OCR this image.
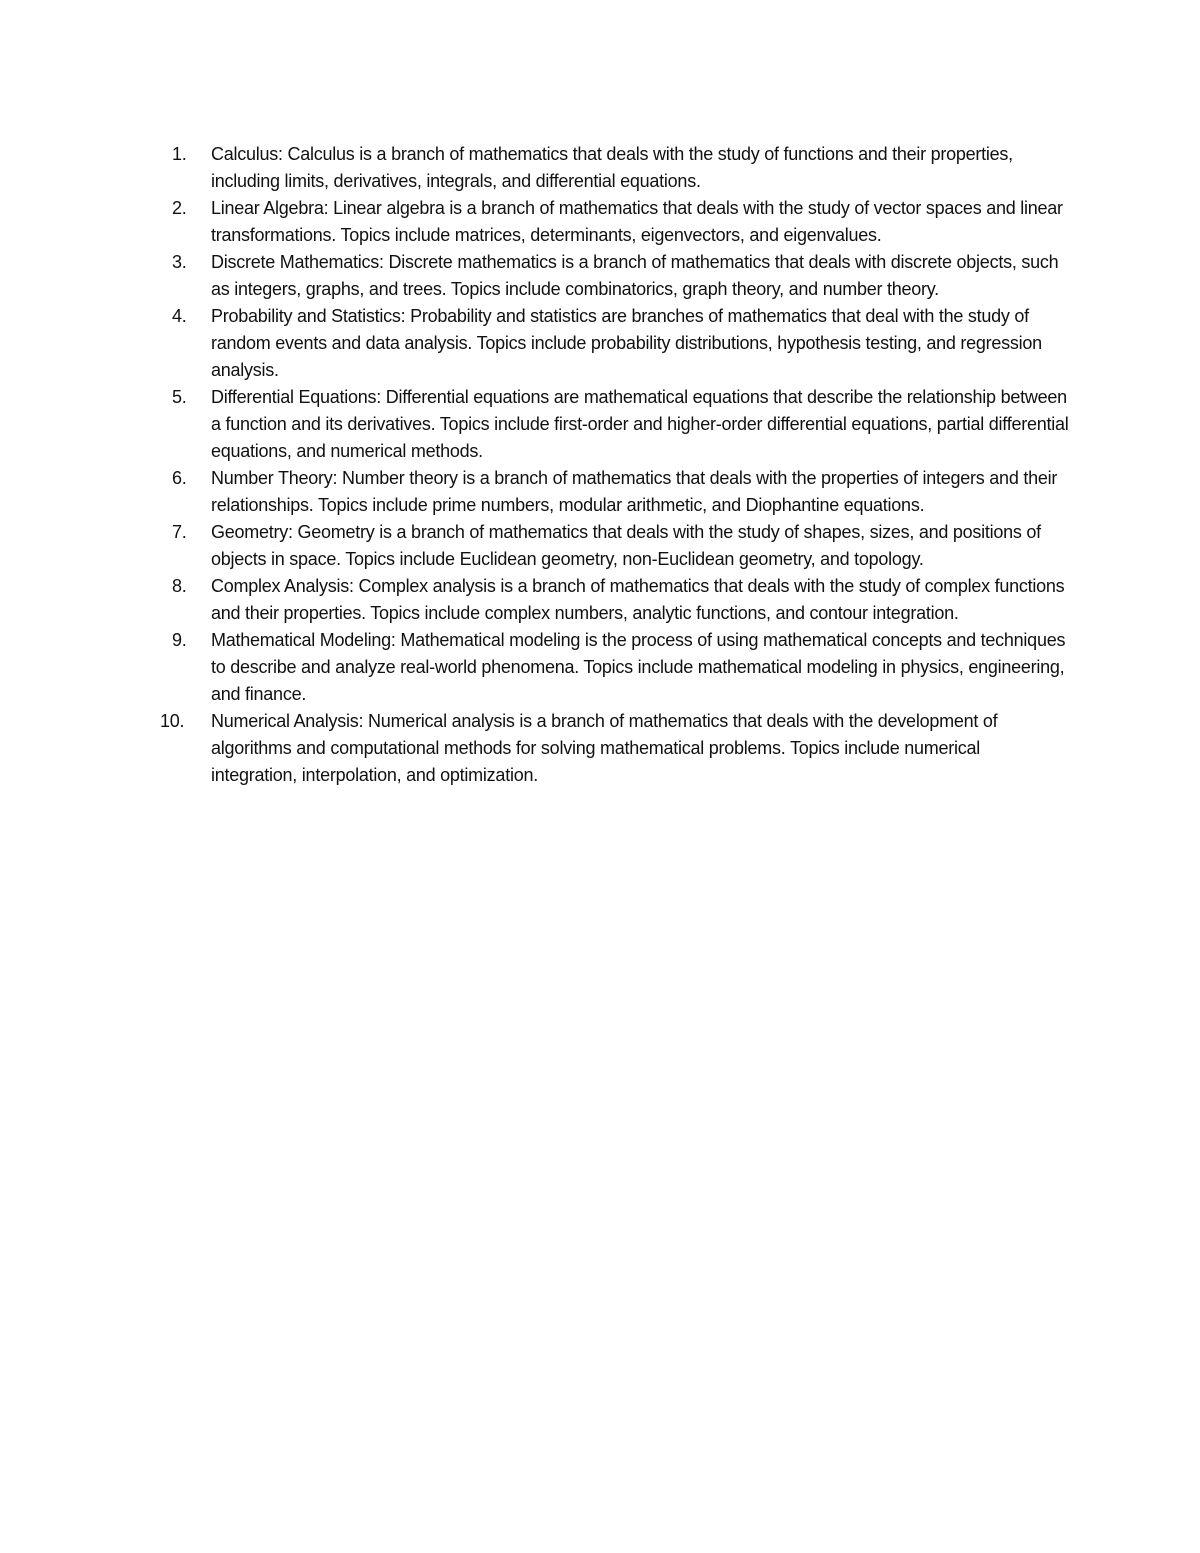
1.	Calculus: Calculus is a branch of mathematics that deals with the study of functions and their properties, including limits, derivatives, integrals, and differential equations.
2.	Linear Algebra: Linear algebra is a branch of mathematics that deals with the study of vector spaces and linear transformations. Topics include matrices, determinants, eigenvectors, and eigenvalues.
3.	Discrete Mathematics: Discrete mathematics is a branch of mathematics that deals with discrete objects, such as integers, graphs, and trees. Topics include combinatorics, graph theory, and number theory.
4.	Probability and Statistics: Probability and statistics are branches of mathematics that deal with the study of random events and data analysis. Topics include probability distributions, hypothesis testing, and regression analysis.
5.	Differential Equations: Differential equations are mathematical equations that describe the relationship between a function and its derivatives. Topics include first-order and higher-order differential equations, partial differential equations, and numerical methods.
6.	Number Theory: Number theory is a branch of mathematics that deals with the properties of integers and their relationships. Topics include prime numbers, modular arithmetic, and Diophantine equations.
7.	Geometry: Geometry is a branch of mathematics that deals with the study of shapes, sizes, and positions of objects in space. Topics include Euclidean geometry, non-Euclidean geometry, and topology.
8.	Complex Analysis: Complex analysis is a branch of mathematics that deals with the study of complex functions and their properties. Topics include complex numbers, analytic functions, and contour integration.
9.	Mathematical Modeling: Mathematical modeling is the process of using mathematical concepts and techniques to describe and analyze real-world phenomena. Topics include mathematical modeling in physics, engineering, and finance.
10.	Numerical Analysis: Numerical analysis is a branch of mathematics that deals with the development of algorithms and computational methods for solving mathematical problems. Topics include numerical integration, interpolation, and optimization.
